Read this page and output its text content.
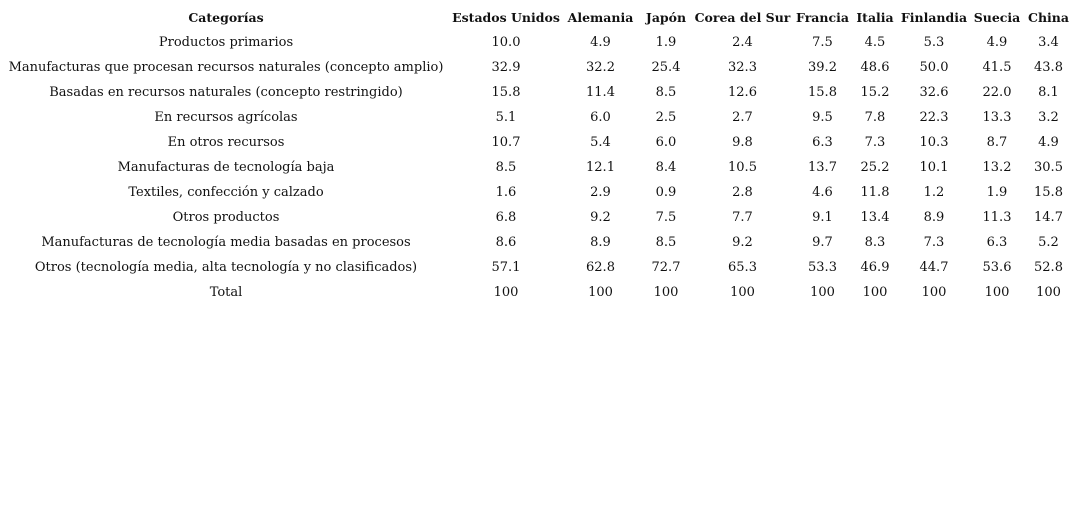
Categorías	Estados Unidos	Alemania	Japón	Corea del Sur	Francia	Italia	Finlandia	Suecia	China
Productos primarios	10.0	4.9	1.9	2.4	7.5	4.5	5.3	4.9	3.4
Manufacturas que procesan recursos naturales (concepto amplio)	32.9	32.2	25.4	32.3	39.2	48.6	50.0	41.5	43.8
Basadas en recursos naturales (concepto restringido)	15.8	11.4	8.5	12.6	15.8	15.2	32.6	22.0	8.1
En recursos agrícolas	5.1	6.0	2.5	2.7	9.5	7.8	22.3	13.3	3.2
En otros recursos	10.7	5.4	6.0	9.8	6.3	7.3	10.3	8.7	4.9
Manufacturas de tecnología baja	8.5	12.1	8.4	10.5	13.7	25.2	10.1	13.2	30.5
Textiles, confección y calzado	1.6	2.9	0.9	2.8	4.6	11.8	1.2	1.9	15.8
Otros productos	6.8	9.2	7.5	7.7	9.1	13.4	8.9	11.3	14.7
Manufacturas de tecnología media basadas en procesos	8.6	8.9	8.5	9.2	9.7	8.3	7.3	6.3	5.2
Otros (tecnología media, alta tecnología y no clasificados)	57.1	62.8	72.7	65.3	53.3	46.9	44.7	53.6	52.8
Total	100	100	100	100	100	100	100	100	100
